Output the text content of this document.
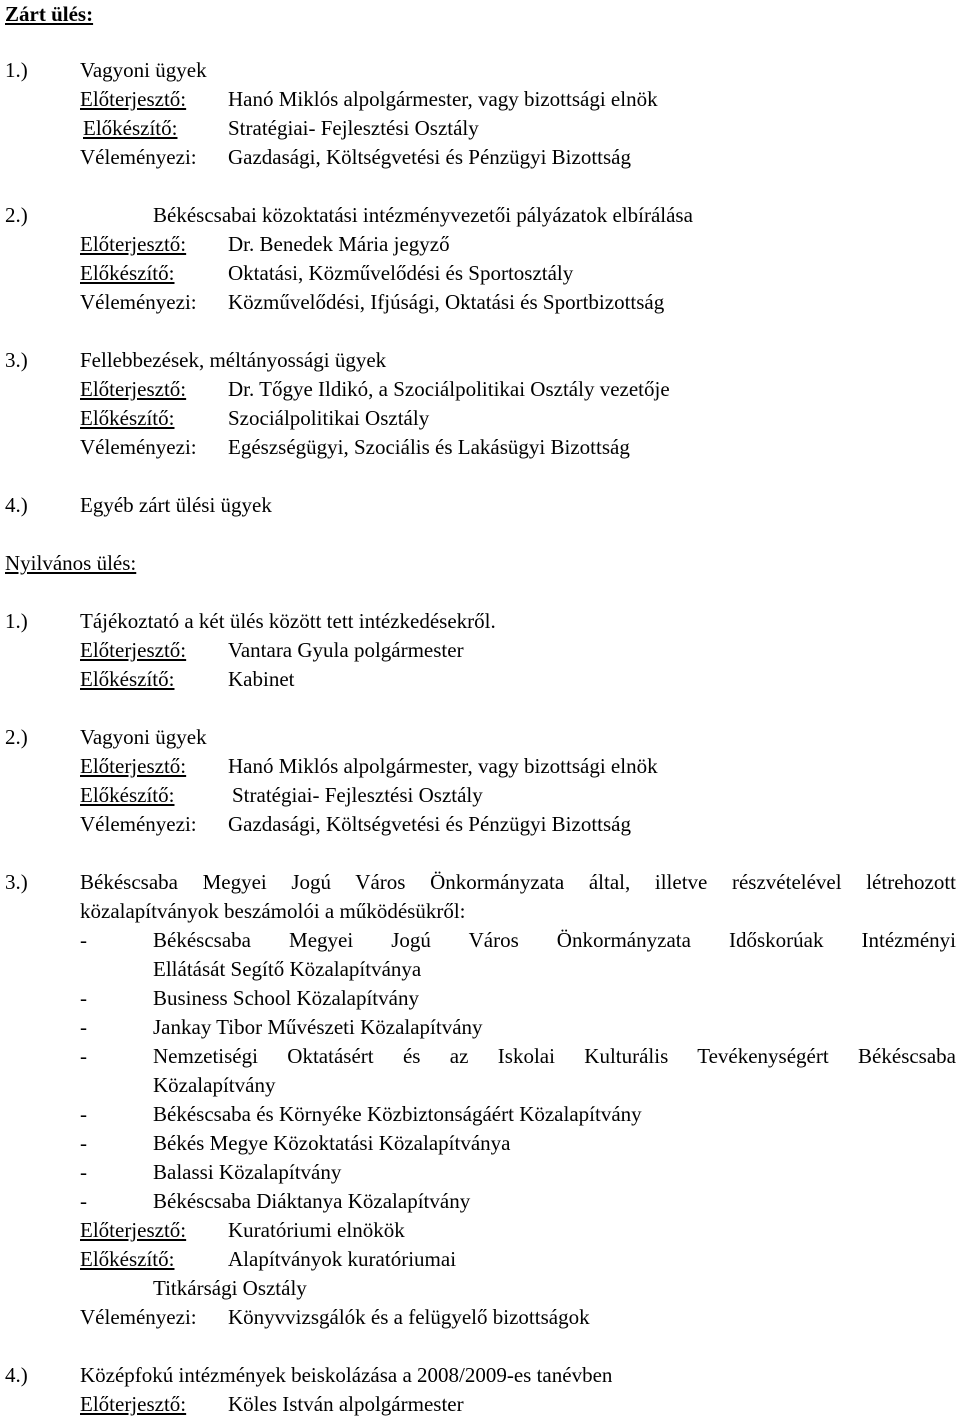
Zárt ülés:
1.) Vagyoni ügyek
Előterjesztő: Hanó Miklós alpolgármester, vagy bizottsági elnök
Előkészítő: Stratégiai- Fejlesztési Osztály
Véleményezi: Gazdasági, Költségvetési és Pénzügyi Bizottság
2.)	Békéscsabai közoktatási intézményvezetői pályázatok elbírálása
Előterjesztő: Dr. Benedek Mária jegyző
Előkészítő:	Oktatási, Közművelődési és Sportosztály
Véleményezi: Közművelődési, Ifjúsági, Oktatási és Sportbizottság
3.) Fellebbezések, méltányossági ügyek
Előterjesztő: Dr. Tőgye Ildikó, a Szociálpolitikai Osztály vezetője
Előkészítő:	Szociálpolitikai Osztály
Véleményezi: Egészségügyi, Szociális és Lakásügyi Bizottság
4.) Egyéb zárt ülési ügyek
Nyilvános ülés:
1.) Tájékoztató a két ülés között tett intézkedésekről.
Előterjesztő: Vantara Gyula polgármester
Előkészítő:	Kabinet
2.) Vagyoni ügyek
Előterjesztő: Hanó Miklós alpolgármester, vagy bizottsági elnök
Előkészítő:	Stratégiai- Fejlesztési Osztály
Véleményezi: Gazdasági, Költségvetési és Pénzügyi Bizottság
3.) Békéscsaba Megyei Jogú Város Önkormányzata által, illetve részvételével létrehozott
közalapítványok beszámolói a működésükről:
-	Békéscsaba Megyei Jogú Város Önkormányzata Időskorúak Intézményi
Ellátását Segítő Közalapítványa
-	Business School Közalapítvány
-	Jankay Tibor Művészeti Közalapítvány
-	Nemzetiségi Oktatásért és az Iskolai Kulturális Tevékenységért Békéscsaba
Közalapítvány
-	Békéscsaba és Környéke Közbiztonságáért Közalapítvány
-	Békés Megye Közoktatási Közalapítványa
-	Balassi Közalapítvány
-	Békéscsaba Diáktanya Közalapítvány
Előterjesztő: Kuratóriumi elnökök
Előkészítő:	Alapítványok kuratóriumai
Titkársági Osztály
Véleményezi: Könyvvizsgálók és a felügyelő bizottságok
4.) Középfokú intézmények beiskolázása a 2008/2009-es tanévben
Előterjesztő: Köles István alpolgármester
